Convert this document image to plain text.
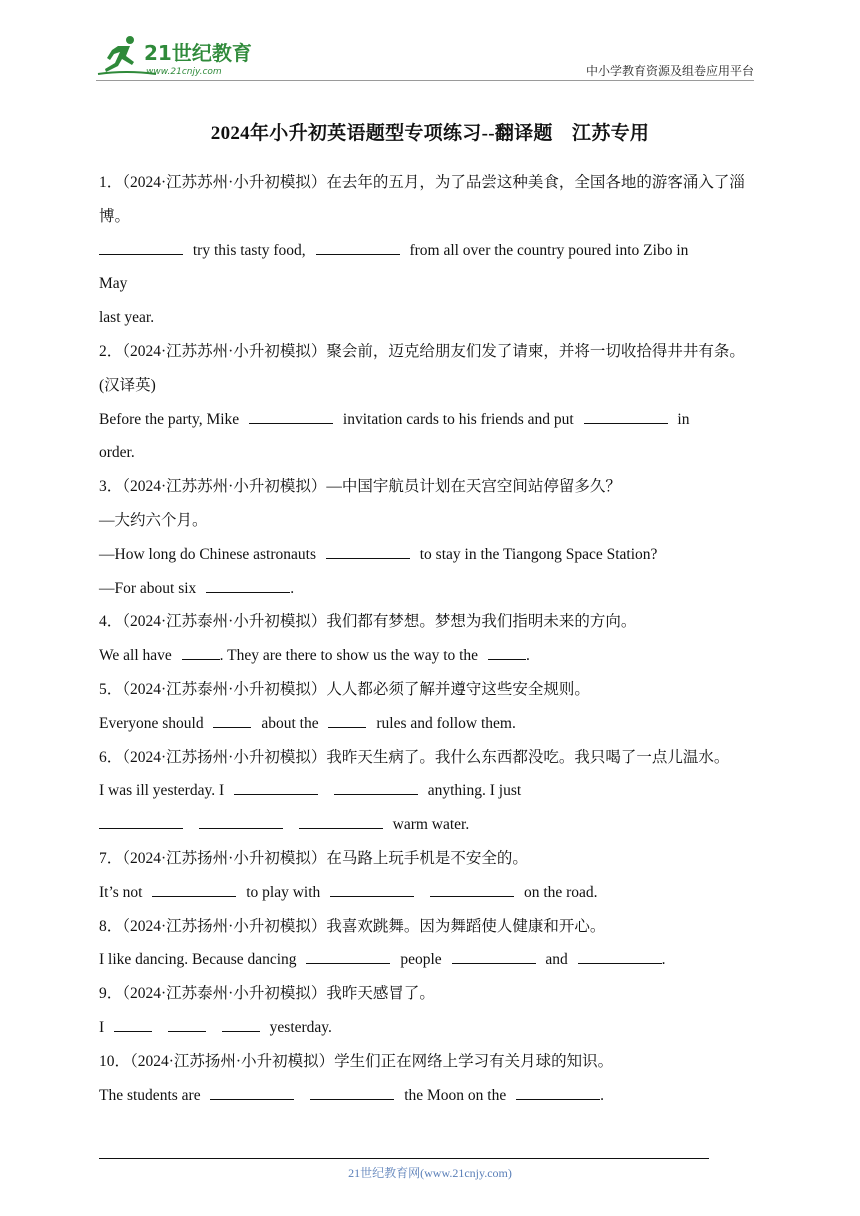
21世纪教育
www.21cnjy.com	中小学教育资源及组卷应用平台
2024年小升初英语题型专项练习--翻译题　江苏专用
1．（2024·江苏苏州·小升初模拟）在去年的五月，为了品尝这种美食，全国各地的游客涌入了淄博。
try this tasty food,	from all over the country poured into Zibo in
May
last year.
2．（2024·江苏苏州·小升初模拟）聚会前，迈克给朋友们发了请柬，并将一切收拾得井井有条。(汉译英)
Before the party, Mike	invitation cards to his friends and put	in
order.
3．（2024·江苏苏州·小升初模拟）—中国宇航员计划在天宫空间站停留多久？
—大约六个月。
—How long do Chinese astronauts	to stay in the Tiangong Space Station?
—For about six	.
4．（2024·江苏泰州·小升初模拟）我们都有梦想。梦想为我们指明未来的方向。
We all have	. They are there to show us the way to the	.
5．（2024·江苏泰州·小升初模拟）人人都必须了解并遵守这些安全规则。
Everyone should	about the	rules and follow them.
6．（2024·江苏扬州·小升初模拟）我昨天生病了。我什么东西都没吃。我只喝了一点儿温水。
I was ill yesterday. I	anything. I just
warm water.
7．（2024·江苏扬州·小升初模拟）在马路上玩手机是不安全的。
It’s not	to play with	on the road.
8．（2024·江苏扬州·小升初模拟）我喜欢跳舞。因为舞蹈使人健康和开心。
I like dancing. Because dancing	people	and	.
9．（2024·江苏泰州·小升初模拟）我昨天感冒了。
I	yesterday.
10．（2024·江苏扬州·小升初模拟）学生们正在网络上学习有关月球的知识。
The students are	the Moon on the	.
21世纪教育网(www.21cnjy.com)
